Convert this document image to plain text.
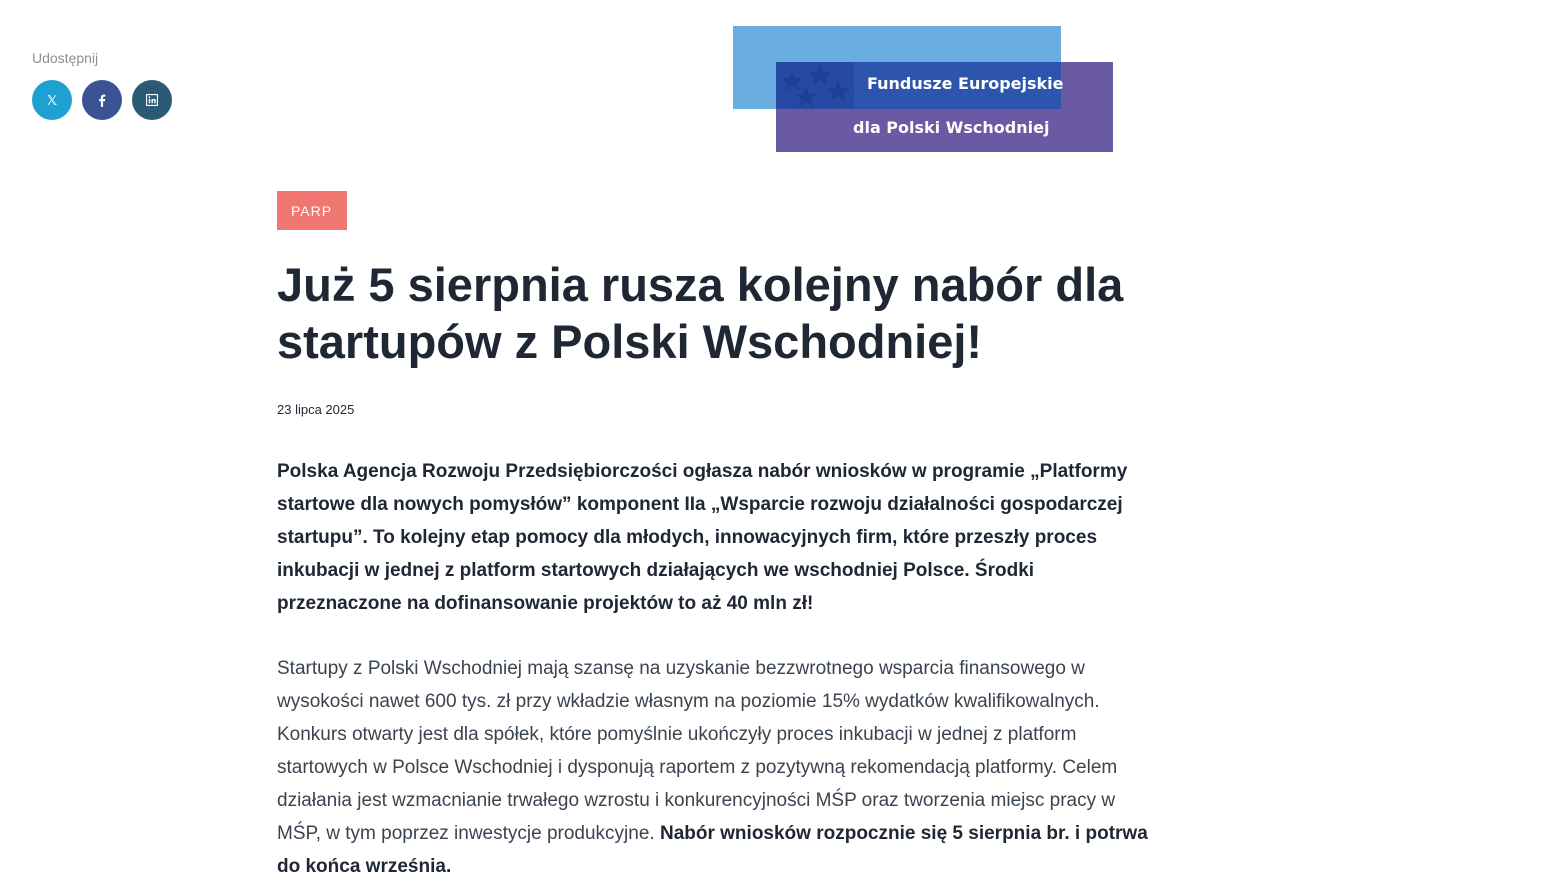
Udostępnij

Fundusze Europejskie
dla Polski Wschodniej
PARP
Już 5 sierpnia rusza kolejny nabór dla startupów z Polski Wschodniej!

23 lipca 2025

Polska Agencja Rozwoju Przedsiębiorczości ogłasza nabór wniosków w programie „Platformy startowe dla nowych pomysłów” komponent IIa „Wsparcie rozwoju działalności gospodarczej startupu”. To kolejny etap pomocy dla młodych, innowacyjnych firm, które przeszły proces inkubacji w jednej z platform startowych działających we wschodniej Polsce. Środki przeznaczone na dofinansowanie projektów to aż 40 mln zł!

Startupy z Polski Wschodniej mają szansę na uzyskanie bezzwrotnego wsparcia finansowego w wysokości nawet 600 tys. zł przy wkładzie własnym na poziomie 15% wydatków kwalifikowalnych. Konkurs otwarty jest dla spółek, które pomyślnie ukończyły proces inkubacji w jednej z platform startowych w Polsce Wschodniej i dysponują raportem z pozytywną rekomendacją platformy. Celem działania jest wzmacnianie trwałego wzrostu i konkurencyjności MŚP oraz tworzenia miejsc pracy w MŚP, w tym poprzez inwestycje produkcyjne. Nabór wniosków rozpocznie się 5 sierpnia br. i potrwa do końca września.
